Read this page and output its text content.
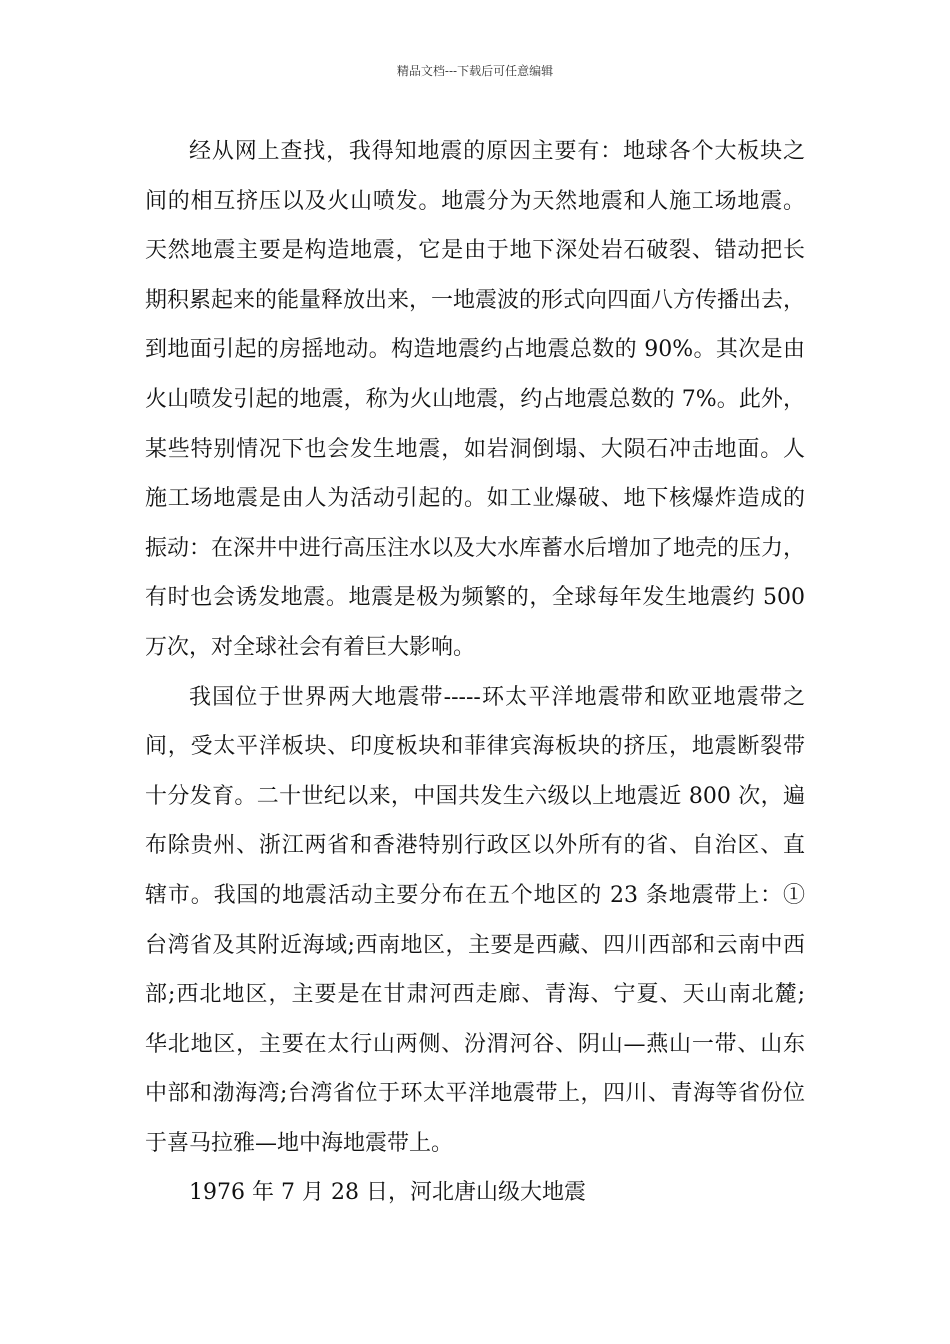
精品文档---下载后可任意编辑
经从网上查找，我得知地震的原因主要有：地球各个大板块之
间的相互挤压以及火山喷发。地震分为天然地震和人施工场地震。
天然地震主要是构造地震，它是由于地下深处岩石破裂、错动把长
期积累起来的能量释放出来，一地震波的形式向四面八方传播出去，
到地面引起的房摇地动。构造地震约占地震总数的 90%。其次是由
火山喷发引起的地震，称为火山地震，约占地震总数的 7%。此外，
某些特别情况下也会发生地震，如岩洞倒塌、大陨石冲击地面。人
施工场地震是由人为活动引起的。如工业爆破、地下核爆炸造成的
振动：在深井中进行高压注水以及大水库蓄水后增加了地壳的压力，
有时也会诱发地震。地震是极为频繁的，全球每年发生地震约 500
万次，对全球社会有着巨大影响。
我国位于世界两大地震带-----环太平洋地震带和欧亚地震带之
间，受太平洋板块、印度板块和菲律宾海板块的挤压，地震断裂带
十分发育。二十世纪以来，中国共发生六级以上地震近 800 次，遍
布除贵州、浙江两省和香港特别行政区以外所有的省、自治区、直
辖市。我国的地震活动主要分布在五个地区的 23 条地震带上：①
台湾省及其附近海域;西南地区，主要是西藏、四川西部和云南中西
部;西北地区，主要是在甘肃河西走廊、青海、宁夏、天山南北麓;
华北地区，主要在太行山两侧、汾渭河谷、阴山—燕山一带、山东
中部和渤海湾;台湾省位于环太平洋地震带上，四川、青海等省份位
于喜马拉雅—地中海地震带上。
1976 年 7 月 28 日，河北唐山级大地震
